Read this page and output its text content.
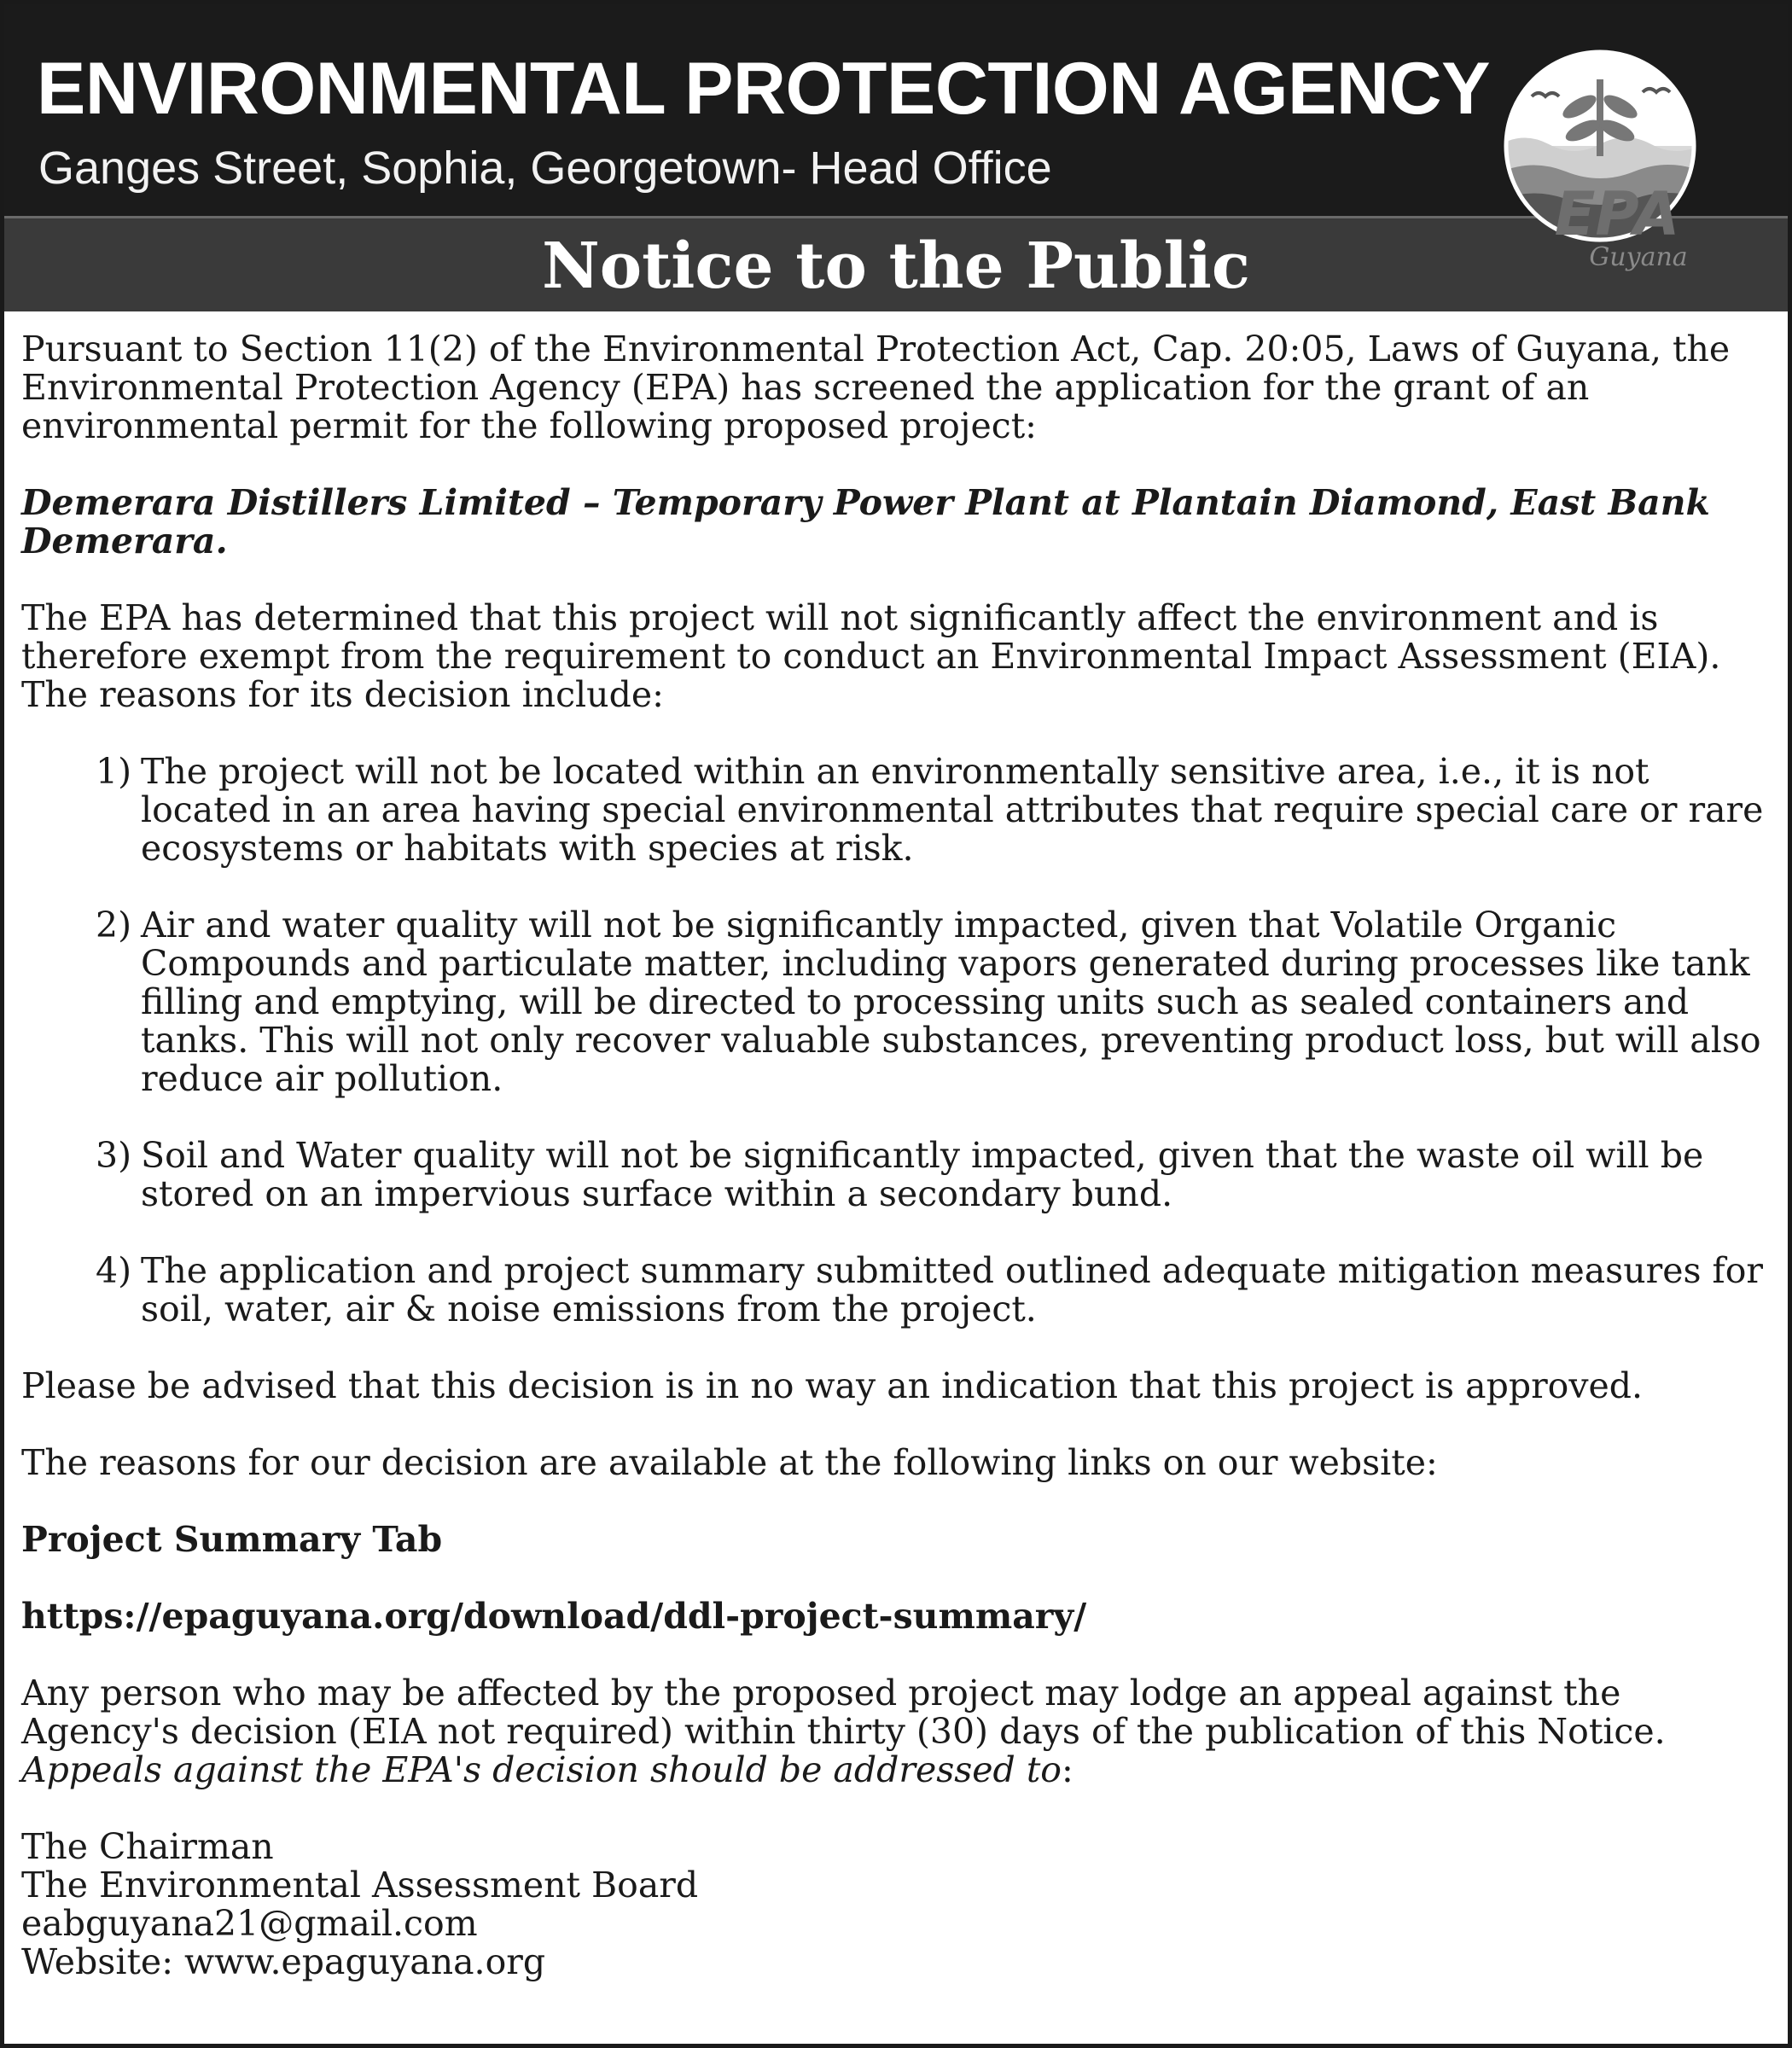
ENVIRONMENTAL PROTECTION AGENCY
Ganges Street, Sophia, Georgetown- Head Office
Notice to the Public
EPA
Guyana

Pursuant to Section 11(2) of the Environmental Protection Act, Cap. 20:05, Laws of Guyana, the Environmental Protection Agency (EPA) has screened the application for the grant of an environmental permit for the following proposed project:

Demerara Distillers Limited – Temporary Power Plant at Plantain Diamond, East Bank Demerara.

The EPA has determined that this project will not significantly affect the environment and is therefore exempt from the requirement to conduct an Environmental Impact Assessment (EIA). The reasons for its decision include:

1) The project will not be located within an environmentally sensitive area, i.e., it is not located in an area having special environmental attributes that require special care or rare ecosystems or habitats with species at risk.
2) Air and water quality will not be significantly impacted, given that Volatile Organic Compounds and particulate matter, including vapors generated during processes like tank filling and emptying, will be directed to processing units such as sealed containers and tanks. This will not only recover valuable substances, preventing product loss, but will also reduce air pollution.
3) Soil and Water quality will not be significantly impacted, given that the waste oil will be stored on an impervious surface within a secondary bund.
4) The application and project summary submitted outlined adequate mitigation measures for soil, water, air & noise emissions from the project.

Please be advised that this decision is in no way an indication that this project is approved.

The reasons for our decision are available at the following links on our website:

Project Summary Tab

https://epaguyana.org/download/ddl-project-summary/

Any person who may be affected by the proposed project may lodge an appeal against the Agency's decision (EIA not required) within thirty (30) days of the publication of this Notice. Appeals against the EPA's decision should be addressed to:

The Chairman
The Environmental Assessment Board
eabguyana21@gmail.com
Website: www.epaguyana.org
